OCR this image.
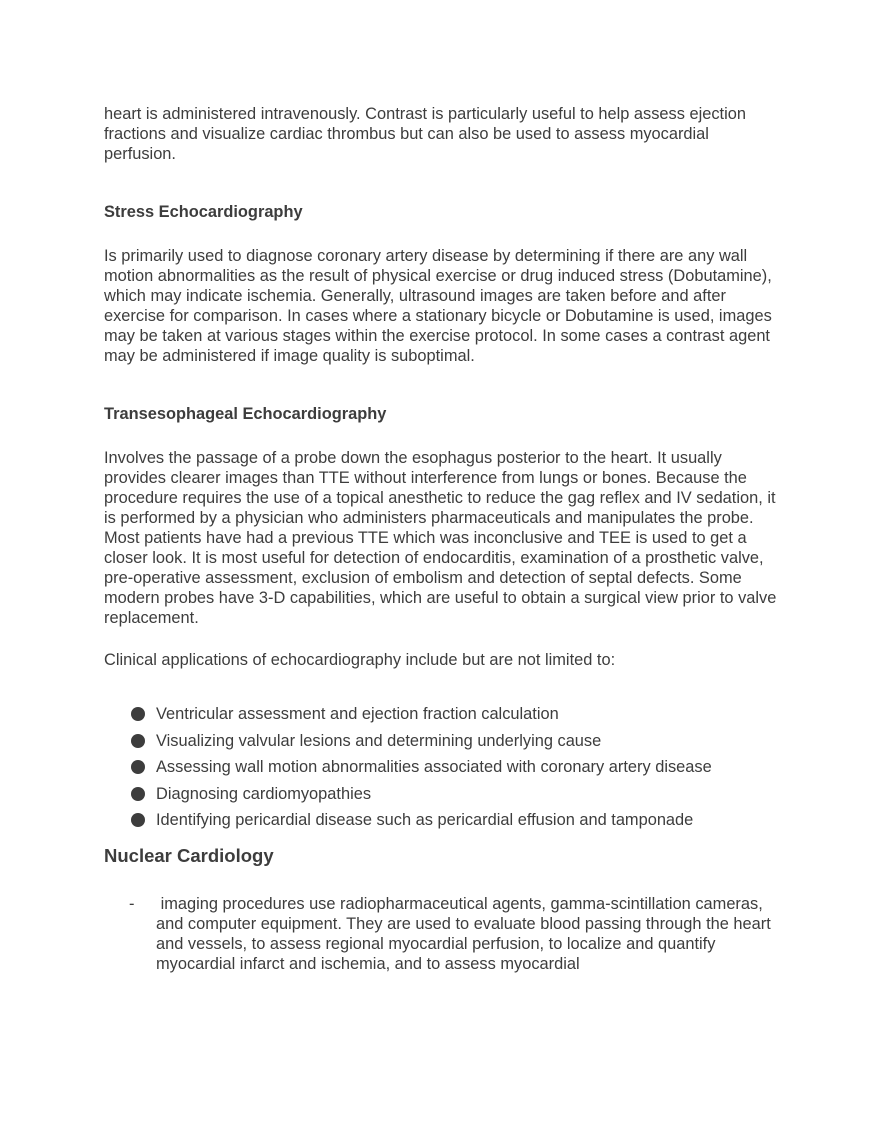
heart is administered intravenously. Contrast is particularly useful to help assess ejection fractions and visualize cardiac thrombus but can also be used to assess myocardial perfusion.

Stress Echocardiography

Is primarily used to diagnose coronary artery disease by determining if there are any wall motion abnormalities as the result of physical exercise or drug induced stress (Dobutamine), which may indicate ischemia. Generally, ultrasound images are taken before and after exercise for comparison. In cases where a stationary bicycle or Dobutamine is used, images may be taken at various stages within the exercise protocol. In some cases a contrast agent may be administered if image quality is suboptimal.

Transesophageal Echocardiography

Involves the passage of a probe down the esophagus posterior to the heart. It usually provides clearer images than TTE without interference from lungs or bones. Because the procedure requires the use of a topical anesthetic to reduce the gag reflex and IV sedation, it is performed by a physician who administers pharmaceuticals and manipulates the probe. Most patients have had a previous TTE which was inconclusive and TEE is used to get a closer look. It is most useful for detection of endocarditis, examination of a prosthetic valve, pre-operative assessment, exclusion of embolism and detection of septal defects. Some modern probes have 3-D capabilities, which are useful to obtain a surgical view prior to valve replacement.

Clinical applications of echocardiography include but are not limited to:

Ventricular assessment and ejection fraction calculation
Visualizing valvular lesions and determining underlying cause
Assessing wall motion abnormalities associated with coronary artery disease
Diagnosing cardiomyopathies
Identifying pericardial disease such as pericardial effusion and tamponade
Nuclear Cardiology
- imaging procedures use radiopharmaceutical agents, gamma-scintillation cameras, and computer equipment. They are used to evaluate blood passing through the heart and vessels, to assess regional myocardial perfusion, to localize and quantify myocardial infarct and ischemia, and to assess myocardial
